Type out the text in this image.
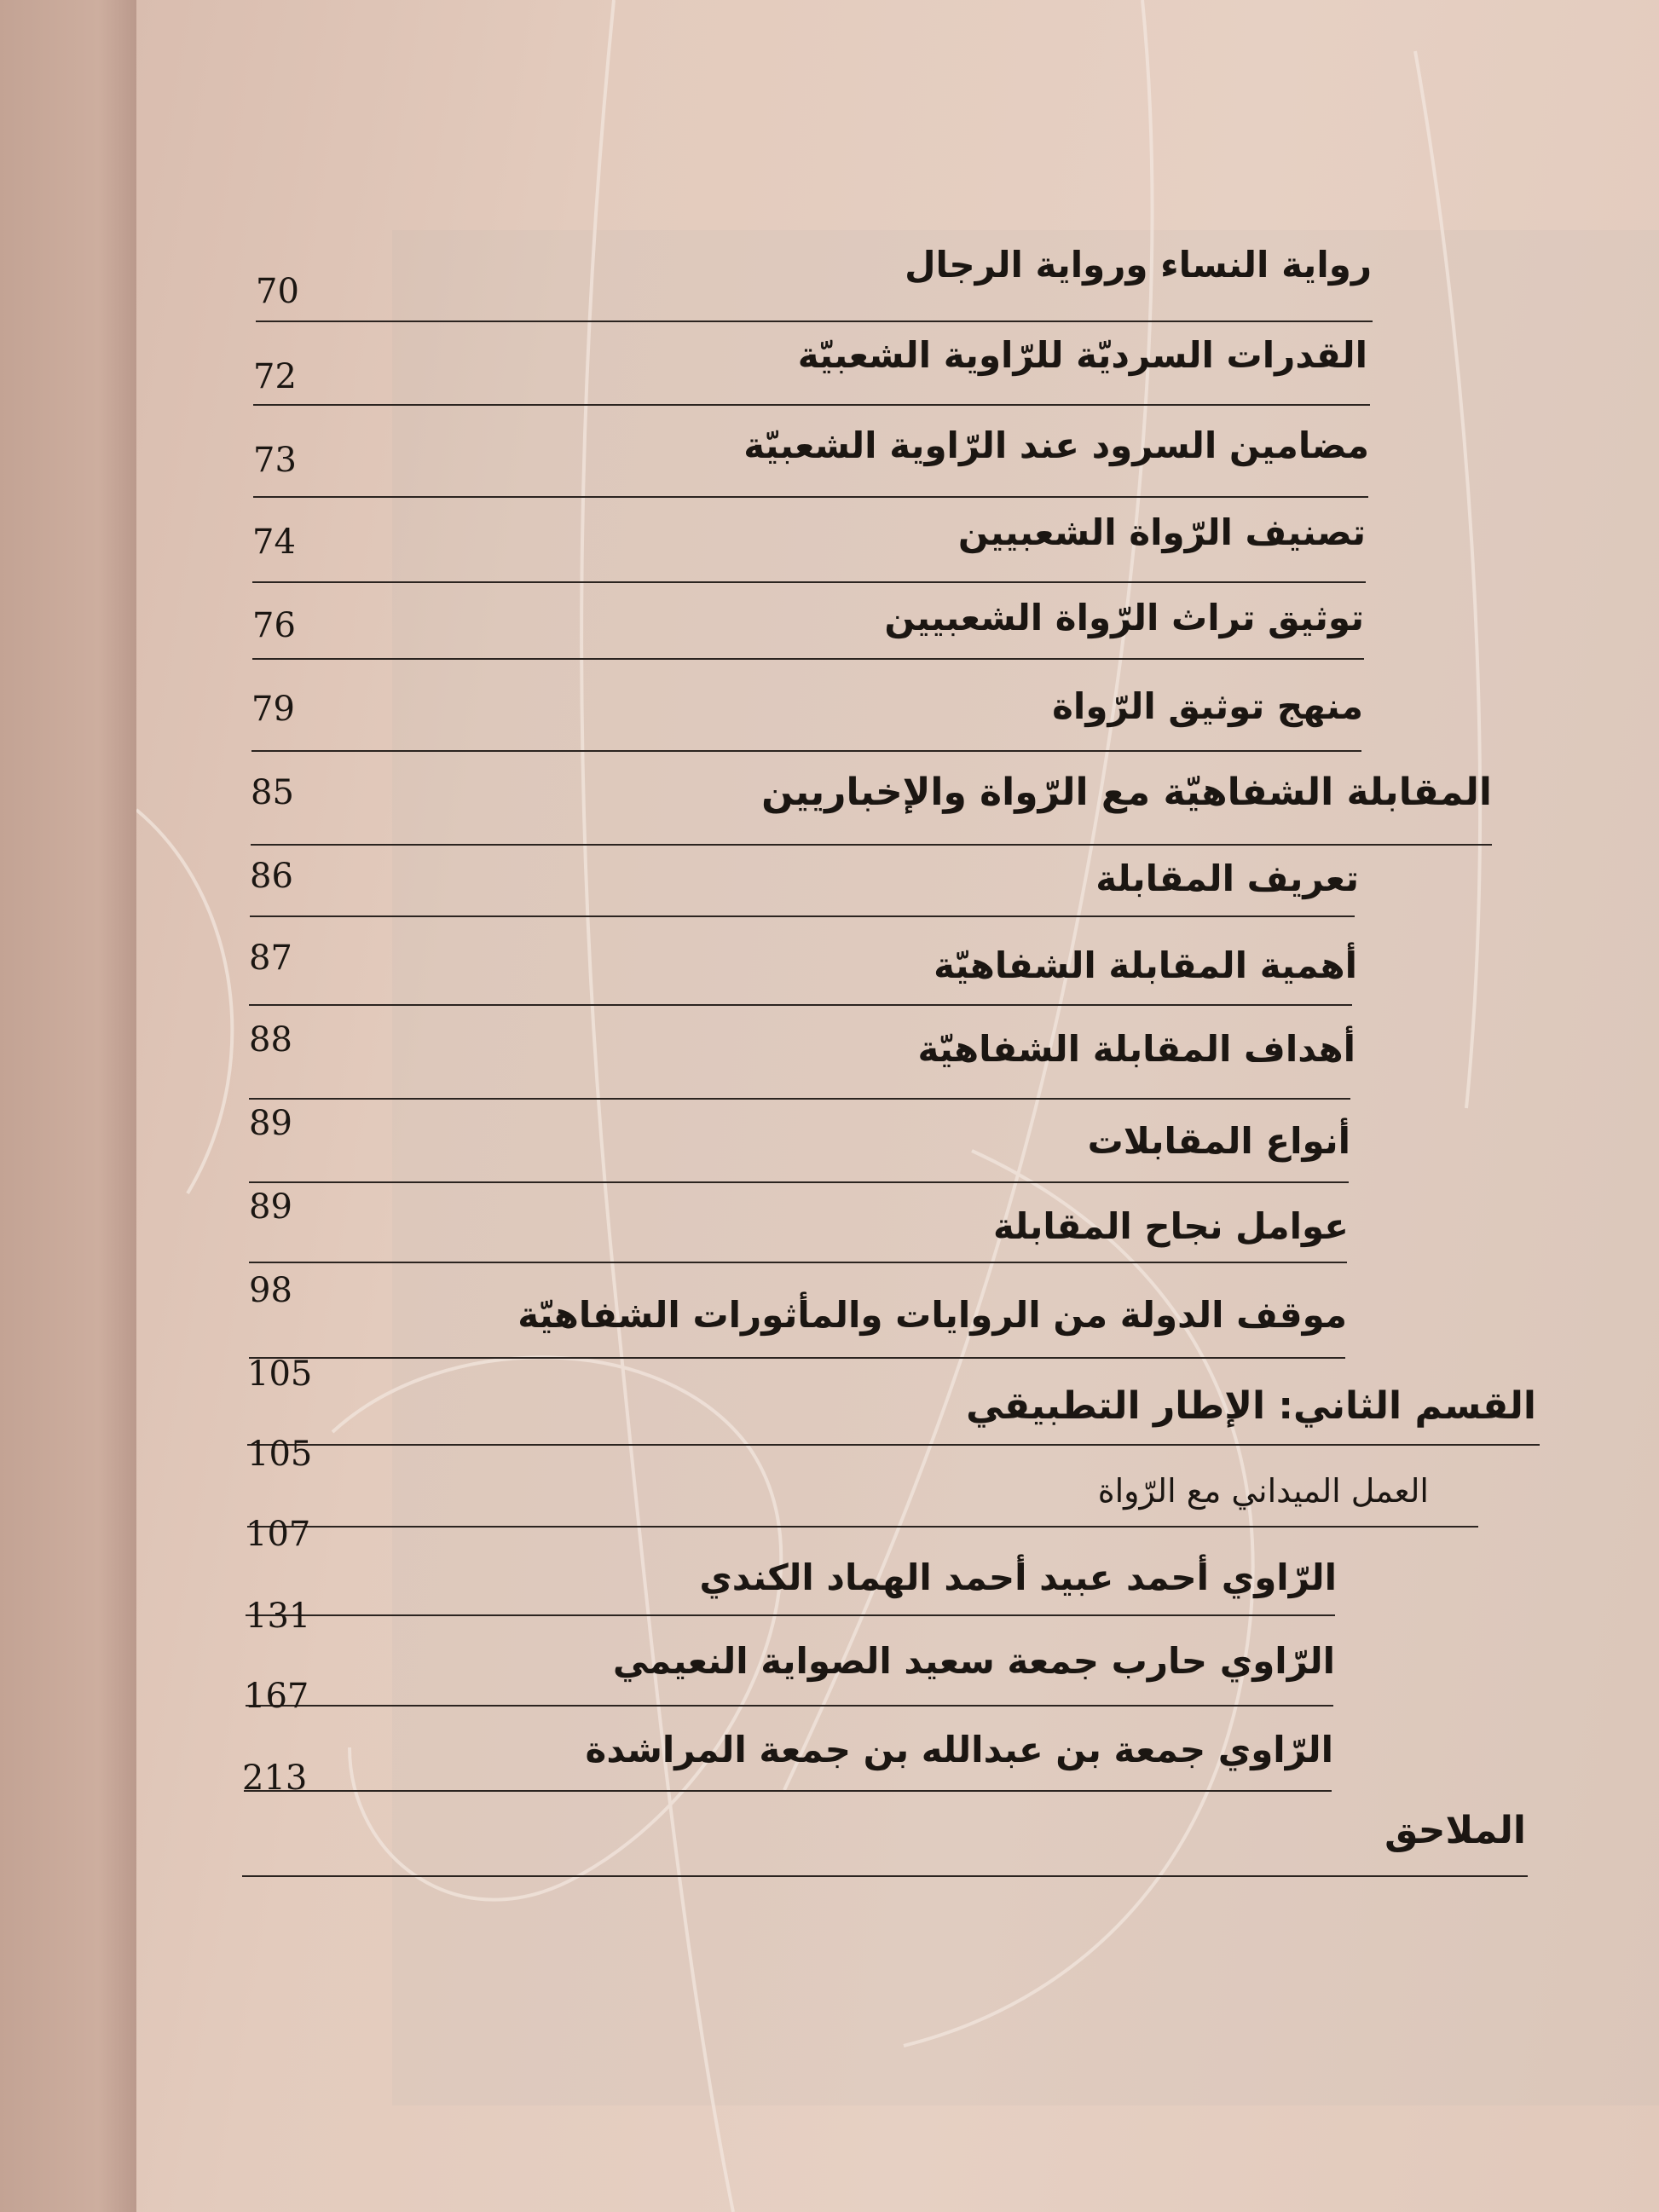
رواية النساء ورواية الرجال
70
القدرات السرديّة للرّاوية الشعبيّة
72
مضامين السرود عند الرّاوية الشعبيّة
73
تصنيف الرّواة الشعبيين
74
توثيق تراث الرّواة الشعبيين
76
منهج توثيق الرّواة
79
المقابلة الشفاهيّة مع الرّواة والإخباريين
85
تعريف المقابلة
86
أهمية المقابلة الشفاهيّة
87
أهداف المقابلة الشفاهيّة
88
أنواع المقابلات
89
عوامل نجاح المقابلة
89
موقف الدولة من الروايات والمأثورات الشفاهيّة
98
القسم الثاني: الإطار التطبيقي
105
العمل الميداني مع الرّواة
105
الرّاوي أحمد عبيد أحمد الهماد الكندي
107
الرّاوي حارب جمعة سعيد الصواية النعيمي
131
الرّاوي جمعة بن عبدالله بن جمعة المراشدة
167
الملاحق
213
